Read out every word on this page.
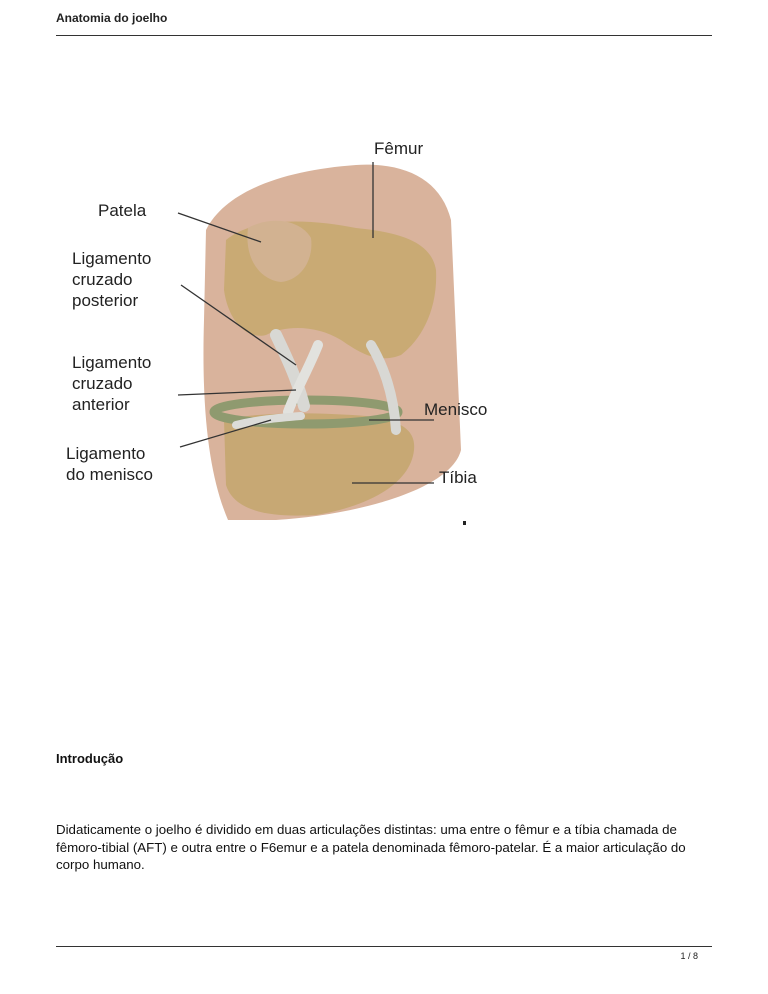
Anatomia do joelho
Fêmur
Patela
Ligamento
cruzado
posterior
Ligamento
cruzado
anterior	Menisco
Ligamento
do menisco	Tíbia
Introdução

Didaticamente o joelho é dividido em duas articulações distintas: uma entre o fêmur e a tíbia chamada de fêmoro-tibial (AFT) e outra entre o F6emur e a patela denominada fêmoro-patelar. É a maior articulação do corpo humano.

1 / 8
